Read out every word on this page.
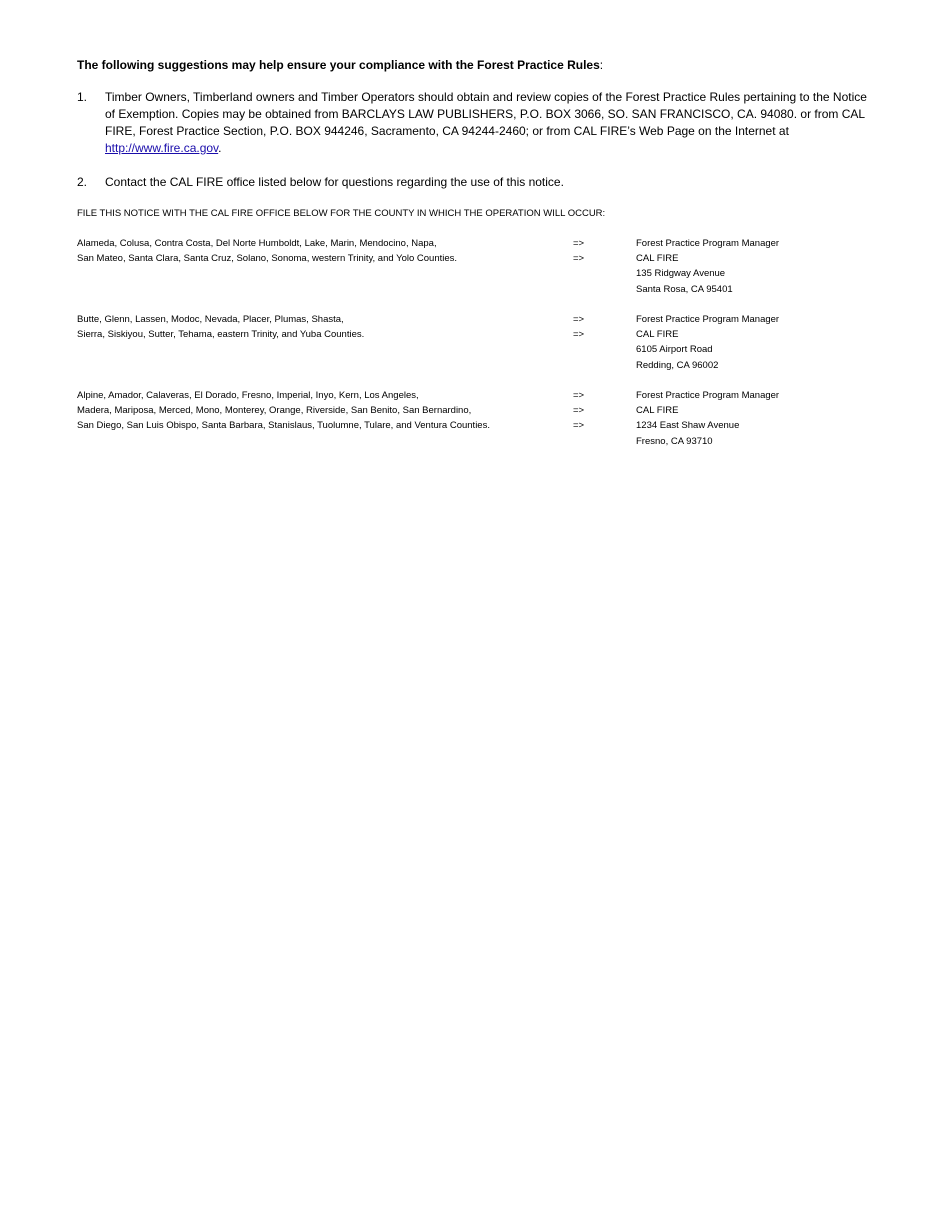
The following suggestions may help ensure your compliance with the Forest Practice Rules:
1. Timber Owners, Timberland owners and Timber Operators should obtain and review copies of the Forest Practice Rules pertaining to the Notice of Exemption. Copies may be obtained from BARCLAYS LAW PUBLISHERS, P.O. BOX 3066, SO. SAN FRANCISCO, CA. 94080. or from CAL FIRE, Forest Practice Section, P.O. BOX 944246, Sacramento, CA 94244-2460; or from CAL FIRE’s Web Page on the Internet at http://www.fire.ca.gov.
2. Contact the CAL FIRE office listed below for questions regarding the use of this notice.
FILE THIS NOTICE WITH THE CAL FIRE OFFICE BELOW FOR THE COUNTY IN WHICH THE OPERATION WILL OCCUR:
Alameda, Colusa, Contra Costa, Del Norte Humboldt, Lake, Marin, Mendocino, Napa,
San Mateo, Santa Clara, Santa Cruz, Solano, Sonoma, western Trinity, and Yolo Counties.
=>
=>
Forest Practice Program Manager
CAL FIRE
135 Ridgway Avenue
Santa Rosa, CA 95401
Butte, Glenn, Lassen, Modoc, Nevada, Placer, Plumas, Shasta,
Sierra, Siskiyou, Sutter, Tehama, eastern Trinity, and Yuba Counties.
=>
=>
Forest Practice Program Manager
CAL FIRE
6105 Airport Road
Redding, CA 96002
Alpine, Amador, Calaveras, El Dorado, Fresno, Imperial, Inyo, Kern, Los Angeles,
Madera, Mariposa, Merced, Mono, Monterey, Orange, Riverside, San Benito, San Bernardino,
San Diego, San Luis Obispo, Santa Barbara, Stanislaus, Tuolumne, Tulare, and Ventura Counties.
=>
=>
=>
Forest Practice Program Manager
CAL FIRE
1234 East Shaw Avenue
Fresno, CA 93710
